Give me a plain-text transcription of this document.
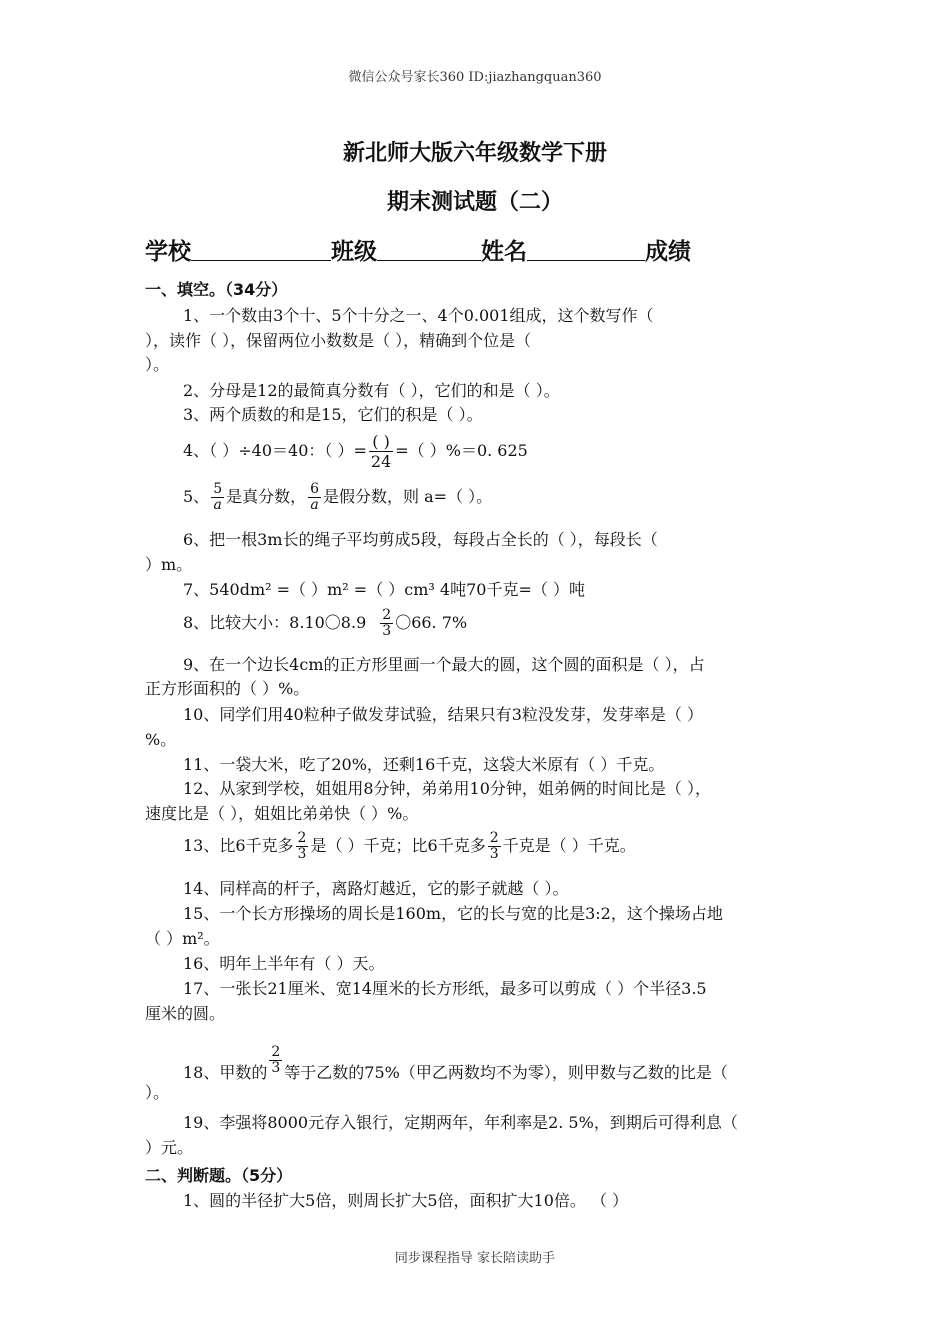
微信公众号家长360 ID:jiazhangquan360
新北师大版六年级数学下册
期末测试题（二）
学校	班级	姓名	成绩
一、填空。（34分）
1、一个数由3个十、5个十分之一、4个0.001组成，这个数写作（
），读作（ ），保留两位小数数是（ ），精确到个位是（
）。
2、分母是12的最简真分数有（ ），它们的和是（ ）。
3、两个质数的和是15，它们的积是（ ）。
4、（ ）÷40＝40：（ ）= $\frac{( )}{24}$ =（ ）%＝0. 625
5、 $\frac{5}{a}$ 是真分数， $\frac{6}{a}$ 是假分数，则 a=（ ）。
6、把一根3m长的绳子平均剪成5段，每段占全长的（ ），每段长（
）m。
7、540dm² =（ ）m² =（ ）cm³ 4吨70千克=（ ）吨
8、比较大小：8.10〇$8.9 \frac{2}{3}$ 〇66. 7%
9、在一个边长4cm的正方形里画一个最大的圆，这个圆的面积是（ ），占
正方形面积的（ ）%。
10、同学们用40粒种子做发芽试验，结果只有3粒没发芽，发芽率是（ ）
%。
11、一袋大米，吃了20%，还剩16千克，这袋大米原有（ ）千克。
12、从家到学校，姐姐用8分钟，弟弟用10分钟，姐弟俩的时间比是（ ），
速度比是（ ），姐姐比弟弟快（ ）%。
13、比6千克多 $\frac{2}{3}$ 是（ ）千克；比6千克多 $\frac{2}{3}$ 千克是（ ）千克。
14、同样高的杆子，离路灯越近，它的影子就越（ ）。
15、一个长方形操场的周长是160m，它的长与宽的比是3:2，这个操场占地
（ ）m²。
16、明年上半年有（ ）天。
17、一张长21厘米、宽14厘米的长方形纸，最多可以剪成（ ）个半径3.5
厘米的圆。
18、甲数的 $\frac{2}{3}$ 等于乙数的75%（甲乙两数均不为零），则甲数与乙数的比是（
）。
19、李强将8000元存入银行，定期两年，年利率是2. 5%，到期后可得利息（
）元。
二、判断题。（5分）
1、圆的半径扩大5倍，则周长扩大5倍，面积扩大10倍。 （ ）
同步课程指导 家长陪读助手
